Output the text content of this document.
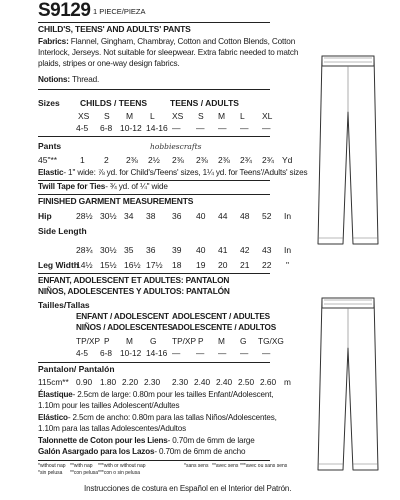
S9129 1 PIECE/PIEZA
CHILD'S, TEENS' AND ADULTS' PANTS
Fabrics: Flannel, Gingham, Chambray, Cotton and Cotton Blends, Cotton
Interlock, Jerseys. Not suitable for sleepwear. Extra fabric needed to match
plaids, stripes or one-way design fabrics.
Notions: Thread.
Sizes CHILDS / TEENS	TEENS / ADULTS
XS S M L XS S M L XL
4-5 6-8 10-12 14-16 — — — — —
Pants	hobbiescrafts
45"**	1 2 2⅜ 2½ 2⅜ 2⅜ 2⅜ 2¾ 2¾ Yd
Elastic- 1" wide: ⅞ yd. for Child's/Teens' sizes, 1¼ yd. for Teens'/Adults' sizes
Twill Tape for Ties- ¾ yd. of ¼" wide
FINISHED GARMENT MEASUREMENTS
Hip	28½ 30½ 34 38 36 40 44 48 52 In
Side Length
28¾ 30½ 35 36 39 40 41 42 43 In
Leg Width
14½ 15½ 16½ 17½ 18 19 20 21 22 "
ENFANT, ADOLESCENT ET ADULTES: PANTALON
NIÑOS, ADOLESCENTES Y ADULTOS: PANTALÓN
Tailles/Tallas
ENFANT / ADOLESCENT
NIÑOS / ADOLESCENTES
ADOLESCENT / ADULTES
ADOLESCENTE / ADULTOS
TP/XP P M G TP/XP P M G TG/XG
4-5 6-8 10-12 14-16 — — — — —
Pantalon/ Pantalón
115cm** 0.90 1.80 2.20 2.30 2.30 2.40 2.40 2.50 2.60 m
Élastique- 2.5cm de large: 0.80m pour les tailles Enfant/Adolescent,
1.10m pour les tailles Adolescent/Adultes
Elástico- 2.5cm de ancho: 0.80m para las tallas Niños/Adolescentes,
1.10m para las tallas Adolescentes/Adultos
Talonnette de Coton pour les Liens- 0.70m de 6mm de large
Galón Asargado para los Lazos- 0.70m de 6mm de ancho
*without nap **with nap ***with or without nap	*sans sens **avec sens ***avec ou sans sens
*sin pelusa **con pelusa ***con o sin pelusa
Instrucciones de costura en Español en el Interior del Patrón.
